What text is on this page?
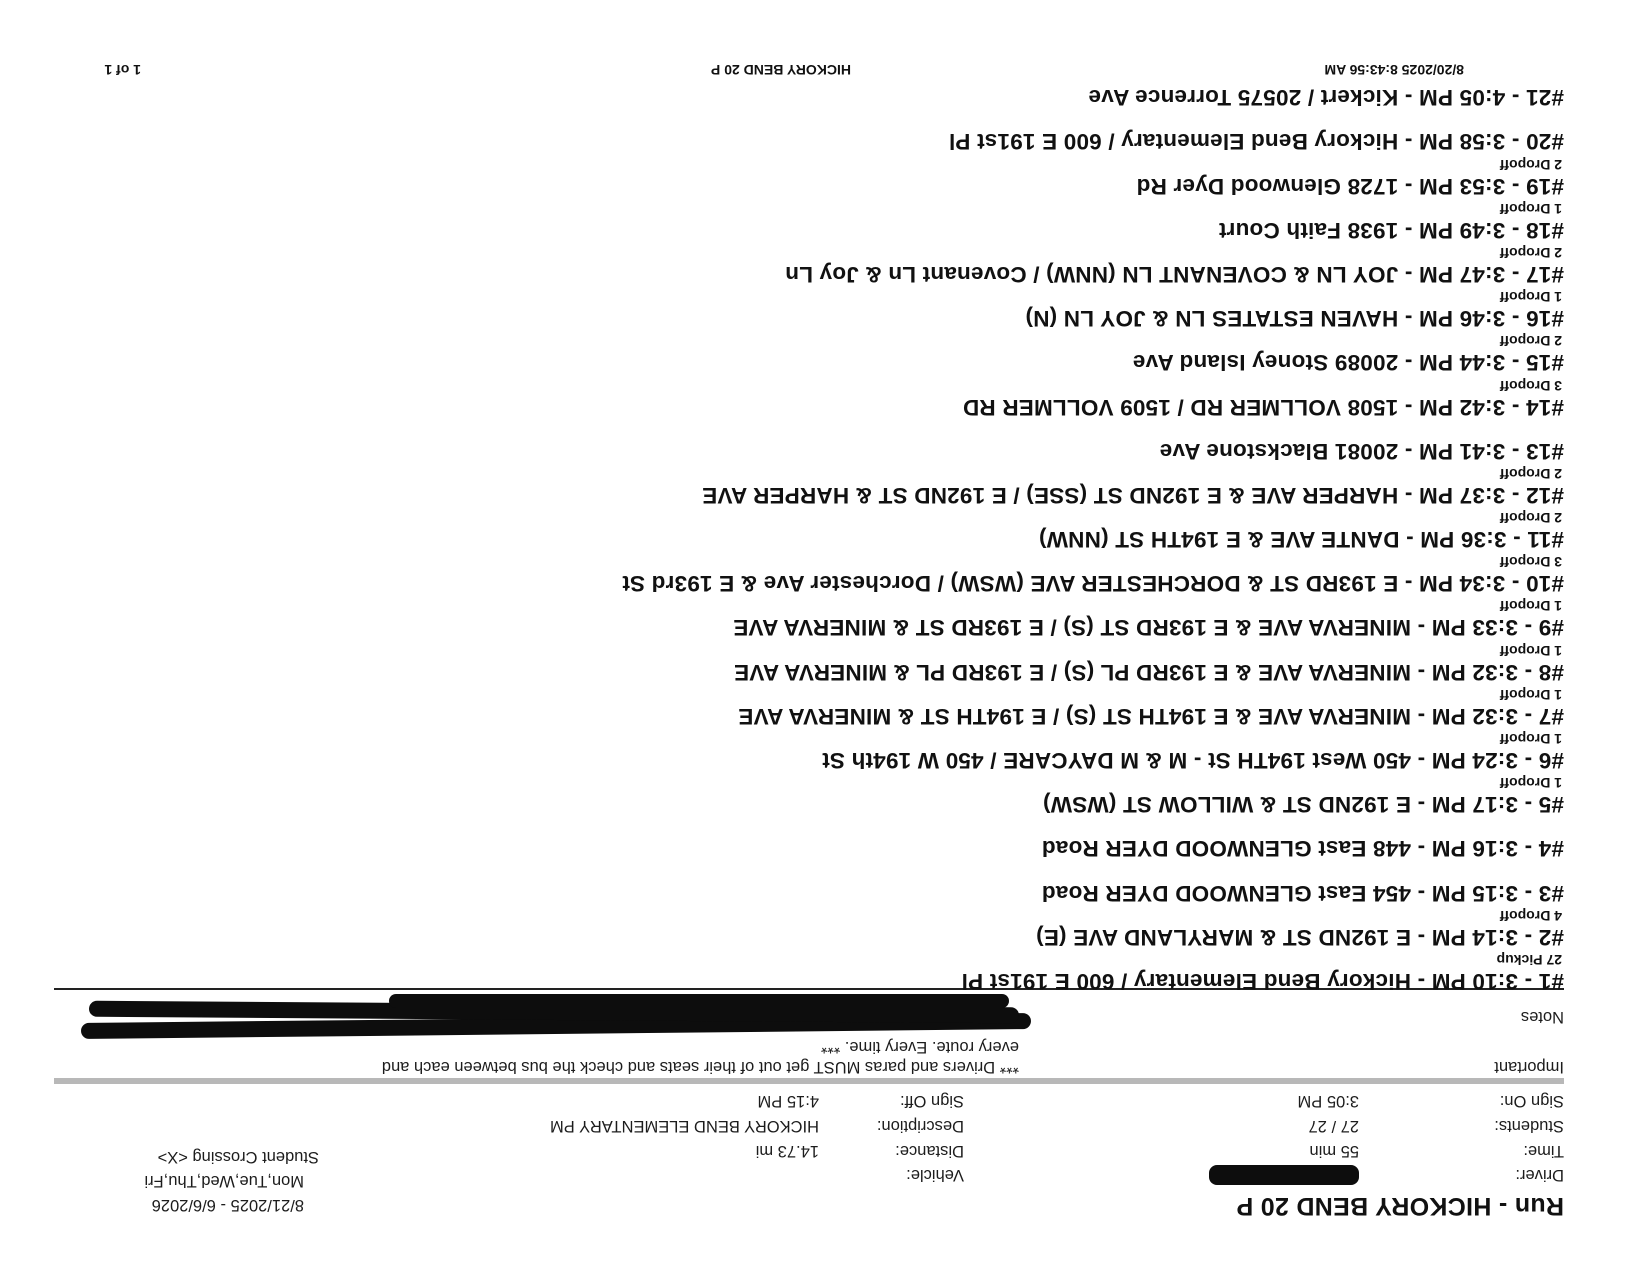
Run - HICKORY BEND 20 P
8/21/2025 - 6/6/2026
Mon,Tue,Wed,Thu,Fri
Student Crossing <X>
Driver:
Vehicle:
Time:
55 min
Distance:
14.73 mi
Students:
27 / 27
Description:
HICKORY BEND ELEMENTARY PM
Sign On:
3:05 PM
Sign Off:
4:15 PM
Important
*** Drivers and paras MUST get out of their seats and check the bus between each and
every route. Every time. ***
Notes
#1 - 3:10 PM - Hickory Bend Elementary / 600 E 191st Pl
27 Pickup
#2 - 3:14 PM - E 192ND ST & MARYLAND AVE (E)
4 Dropoff
#3 - 3:15 PM - 454 East GLENWOOD DYER Road
#4 - 3:16 PM - 448 East GLENWOOD DYER Road
#5 - 3:17 PM - E 192ND ST & WILLOW ST (WSW)
1 Dropoff
#6 - 3:24 PM - 450 West 194TH St - M & M DAYCARE / 450 W 194th St
1 Dropoff
#7 - 3:32 PM - MINERVA AVE & E 194TH ST (S) / E 194TH ST & MINERVA AVE
1 Dropoff
#8 - 3:32 PM - MINERVA AVE & E 193RD PL (S) / E 193RD PL & MINERVA AVE
1 Dropoff
#9 - 3:33 PM - MINERVA AVE & E 193RD ST (S) / E 193RD ST & MINERVA AVE
1 Dropoff
#10 - 3:34 PM - E 193RD ST & DORCHESTER AVE (WSW) / Dorchester Ave & E 193rd St
3 Dropoff
#11 - 3:36 PM - DANTE AVE & E 194TH ST (NNW)
2 Dropoff
#12 - 3:37 PM - HARPER AVE & E 192ND ST (SSE) / E 192ND ST & HARPER AVE
2 Dropoff
#13 - 3:41 PM - 20081 Blackstone Ave
#14 - 3:42 PM - 1508 VOLLMER RD / 1509 VOLLMER RD
3 Dropoff
#15 - 3:44 PM - 20089 Stoney Island Ave
2 Dropoff
#16 - 3:46 PM - HAVEN ESTATES LN & JOY LN (N)
1 Dropoff
#17 - 3:47 PM - JOY LN & COVENANT LN (NNW) / Covenant Ln & Joy Ln
2 Dropoff
#18 - 3:49 PM - 1938 Faith Court
1 Dropoff
#19 - 3:53 PM - 1728 Glenwood Dyer Rd
2 Dropoff
#20 - 3:58 PM - Hickory Bend Elementary / 600 E 191st Pl
#21 - 4:05 PM - Kickert / 20575 Torrence Ave
8/20/2025 8:43:56 AM
HICKORY BEND 20 P
1 of 1
